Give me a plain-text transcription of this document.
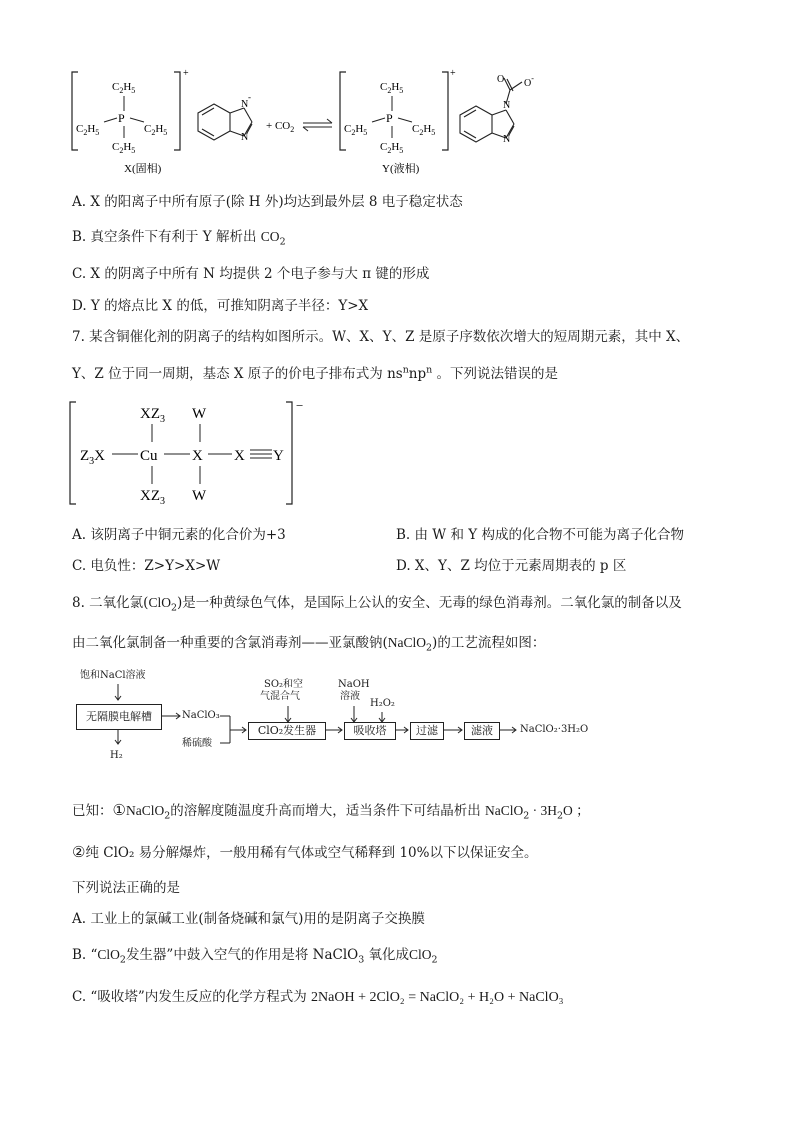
+
$C_2H_5$
P
$C_2H_5$	$C_2H_5$
$C_2H_5$
N
-
N
X(固相)
+ $CO_2$
+
$C_2H_5$
P
$C_2H_5$	$C_2H_5$
$C_2H_5$
N
N
O O-
Y(液相)
A. X 的阳离子中所有原子(除 H 外)均达到最外层 8 电子稳定状态
B. 真空条件下有利于 Y 解析出 $CO_2$
C. X 的阴离子中所有 N 均提供 2 个电子参与大 π 键的形成
D. Y 的熔点比 X 的低，可推知阴离子半径：Y>X
7. 某含铜催化剂的阴离子的结构如图所示。W、X、Y、Z 是原子序数依次增大的短周期元素，其中 X、
Y、Z 位于同一周期，基态 X 原子的价电子排布式为 $ns^nnp^n$ 。下列说法错误的是
−
$XZ_3$ W
$Z_3X$ Cu X X Y
$XZ_3$ W
A. 该阴离子中铜元素的化合价为+3	B. 由 W 和 Y 构成的化合物不可能为离子化合物
C. 电负性：Z>Y>X>W	D. X、Y、Z 均位于元素周期表的 p 区
8. 二氧化氯(ClO$_2$)是一种黄绿色气体，是国际上公认的安全、无毒的绿色消毒剂。二氧化氯的制备以及
由二氧化氯制备一种重要的含氯消毒剂——亚氯酸钠(NaClO$_2$)的工艺流程如图：
饱和NaCl溶液
无隔膜电解槽
H₂
NaClO₃
稀硫酸
SO₂和空
气混合气
ClO₂发生器
NaOH
溶液
H₂O₂
吸收塔	过滤	滤液	NaClO₂·3H₂O
已知：①NaClO$_2$的溶解度随温度升高而增大，适当条件下可结晶析出 NaClO$_2$ · $3H_2O$ ；
②纯 ClO₂ 易分解爆炸，一般用稀有气体或空气稀释到 10%以下以保证安全。
下列说法正确的是
A. 工业上的氯碱工业(制备烧碱和氯气)用的是阴离子交换膜
B. “ClO$_2$发生器”中鼓入空气的作用是将 NaClO$_3$ 氧化成ClO$_2$
C. “吸收塔”内发生反应的化学方程式为 2NaOH + 2ClO₂ = NaClO₂ + H₂O + NaClO₃
